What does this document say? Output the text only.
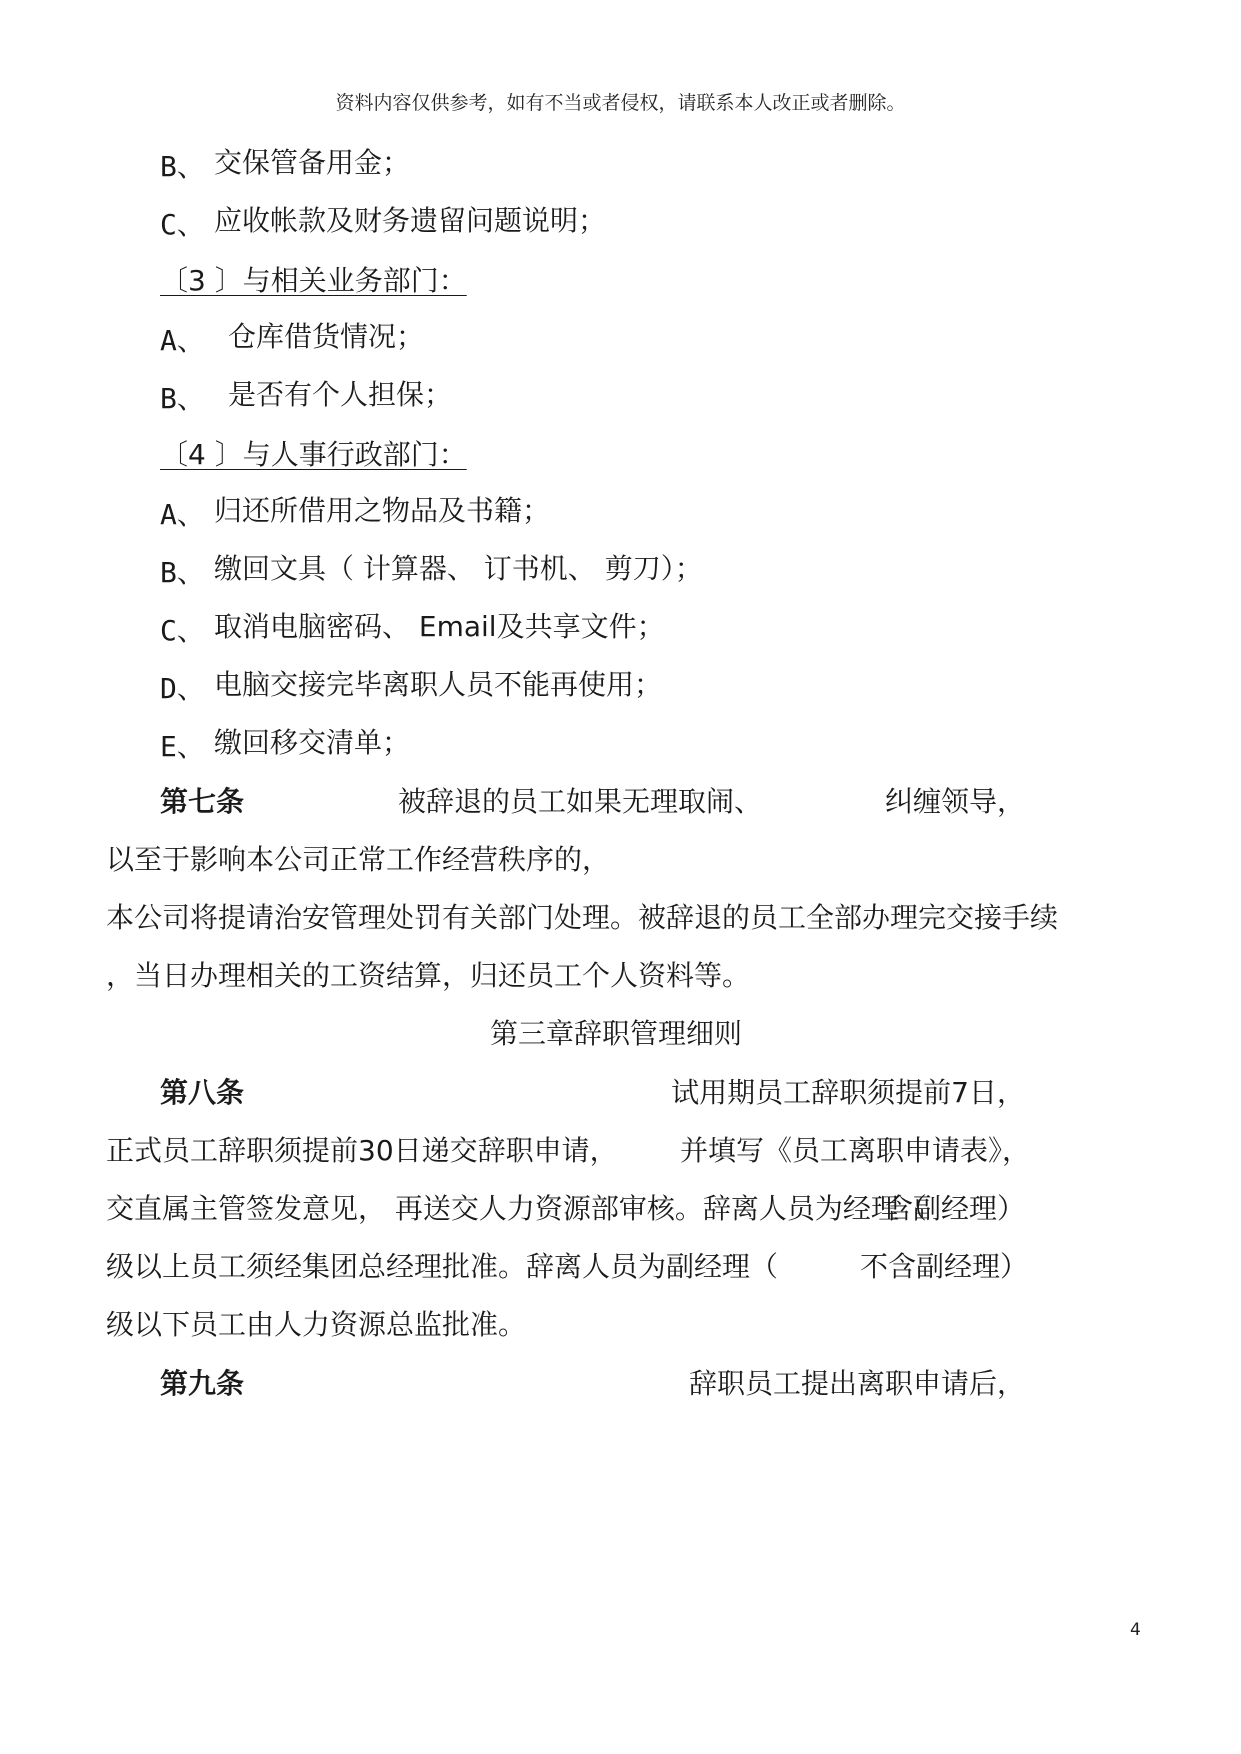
资料内容仅供参考，如有不当或者侵权，请联系本人改正或者删除。
B、 交保管备用金；
C、 应收帐款及财务遗留问题说明；
〔3 〕与相关业务部门：
A、 仓库借货情况；
B、 是否有个人担保；
〔4 〕与人事行政部门：
A、 归还所借用之物品及书籍；
B、 缴回文具（ 计算器、 订书机、 剪刀）；
C、 取消电脑密码、 Email及共享文件；
D、 电脑交接完毕离职人员不能再使用；
E、 缴回移交清单；
第七条	被辞退的员工如果无理取闹、	纠缠领导，
以至于影响本公司正常工作经营秩序的，
本公司将提请治安管理处罚有关部门处理。被辞退的员工全部办理完交接手续
，当日办理相关的工资结算，归还员工个人资料等。
第三章辞职管理细则
第八条	试用期员工辞职须提前7日，
正式员工辞职须提前30日递交辞职申请， 并填写《员工离职申请表》，
交直属主管签发意见， 再送交人力资源部审核。辞离人员为经理（
含副经理）
级以上员工须经集团总经理批准。辞离人员为副经理（	不含副经理）
级以下员工由人力资源总监批准。
第九条	辞职员工提出离职申请后，
4
